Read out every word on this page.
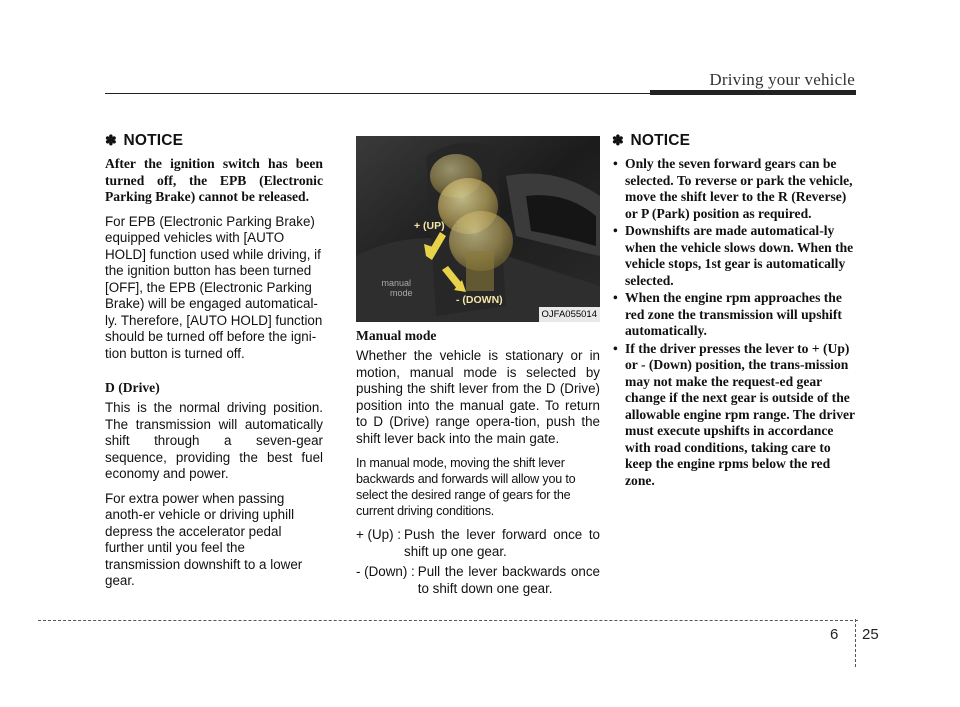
Driving your vehicle
✽ NOTICE

After the ignition switch has been turned off, the EPB (Electronic Parking Brake) cannot be released.

For EPB (Electronic Parking Brake) equipped vehicles with [AUTO HOLD] function used while driving, if the ignition button has been turned [OFF], the EPB (Electronic Parking Brake) will be engaged automatical-ly. Therefore, [AUTO HOLD] function should be turned off before the igni-tion button is turned off.

D (Drive)

This is the normal driving position. The transmission will automatically shift through a seven-gear sequence, providing the best fuel economy and power.

For extra power when passing anoth-er vehicle or driving uphill depress the accelerator pedal further until you feel the transmission downshift to a lower gear.

+ (UP)
- (DOWN)
manual
mode
OJFA055014
Manual mode

Whether the vehicle is stationary or in motion, manual mode is selected by pushing the shift lever from the D (Drive) position into the manual gate. To return to D (Drive) range opera-tion, push the shift lever back into the main gate.

In manual mode, moving the shift lever backwards and forwards will allow you to select the desired range of gears for the current driving conditions.

+ (Up) : Push the lever forward once to shift up one gear.
- (Down) : Pull the lever backwards once to shift down one gear.
✽ NOTICE
• Only the seven forward gears can be selected. To reverse or park the vehicle, move the shift lever to the R (Reverse) or P (Park) position as required.
• Downshifts are made automatical-ly when the vehicle slows down. When the vehicle stops, 1st gear is automatically selected.
• When the engine rpm approaches the red zone the transmission will upshift automatically.
• If the driver presses the lever to + (Up) or - (Down) position, the trans-mission may not make the request-ed gear change if the next gear is outside of the allowable engine rpm range. The driver must execute upshifts in accordance with road conditions, taking care to keep the engine rpms below the red zone.
6 25
